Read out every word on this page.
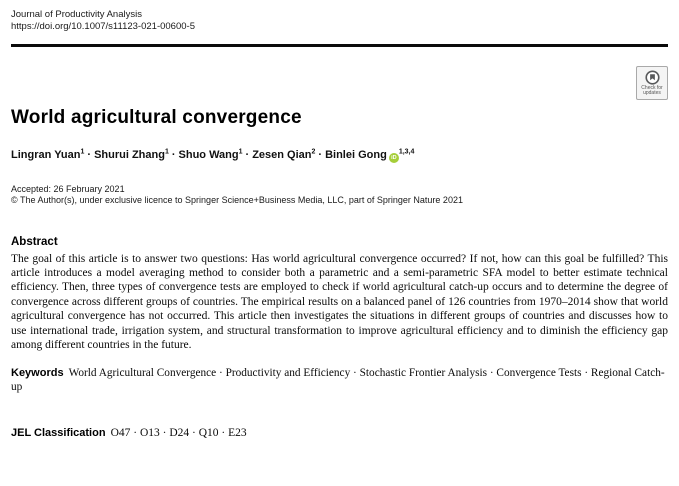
Journal of Productivity Analysis
https://doi.org/10.1007/s11123-021-00600-5
Check for
updates
World agricultural convergence
Lingran Yuan$^1$ · Shurui Zhang$^1$ · Shuo Wang$^1$ · Zesen Qian$^2$ · Binlei Gong iD$^{1,3,4}$
Accepted: 26 February 2021
© The Author(s), under exclusive licence to Springer Science+Business Media, LLC, part of Springer Nature 2021
Abstract
The goal of this article is to answer two questions: Has world agricultural convergence occurred? If not, how can this goal be fulfilled? This article introduces a model averaging method to consider both a parametric and a semi-parametric SFA model to better estimate technical efficiency. Then, three types of convergence tests are employed to check if world agricultural catch-up occurs and to determine the degree of convergence across different groups of countries. The empirical results on a balanced panel of 126 countries from 1970–2014 show that world agricultural convergence has not occurred. This article then investigates the situations in different groups of countries and discusses how to use international trade, irrigation system, and structural transformation to improve agricultural efficiency and to diminish the efficiency gap among different countries in the future.
Keywords World Agricultural Convergence · Productivity and Efficiency · Stochastic Frontier Analysis · Convergence Tests · Regional Catch-up
JEL Classification O47 · O13 · D24 · Q10 · E23
